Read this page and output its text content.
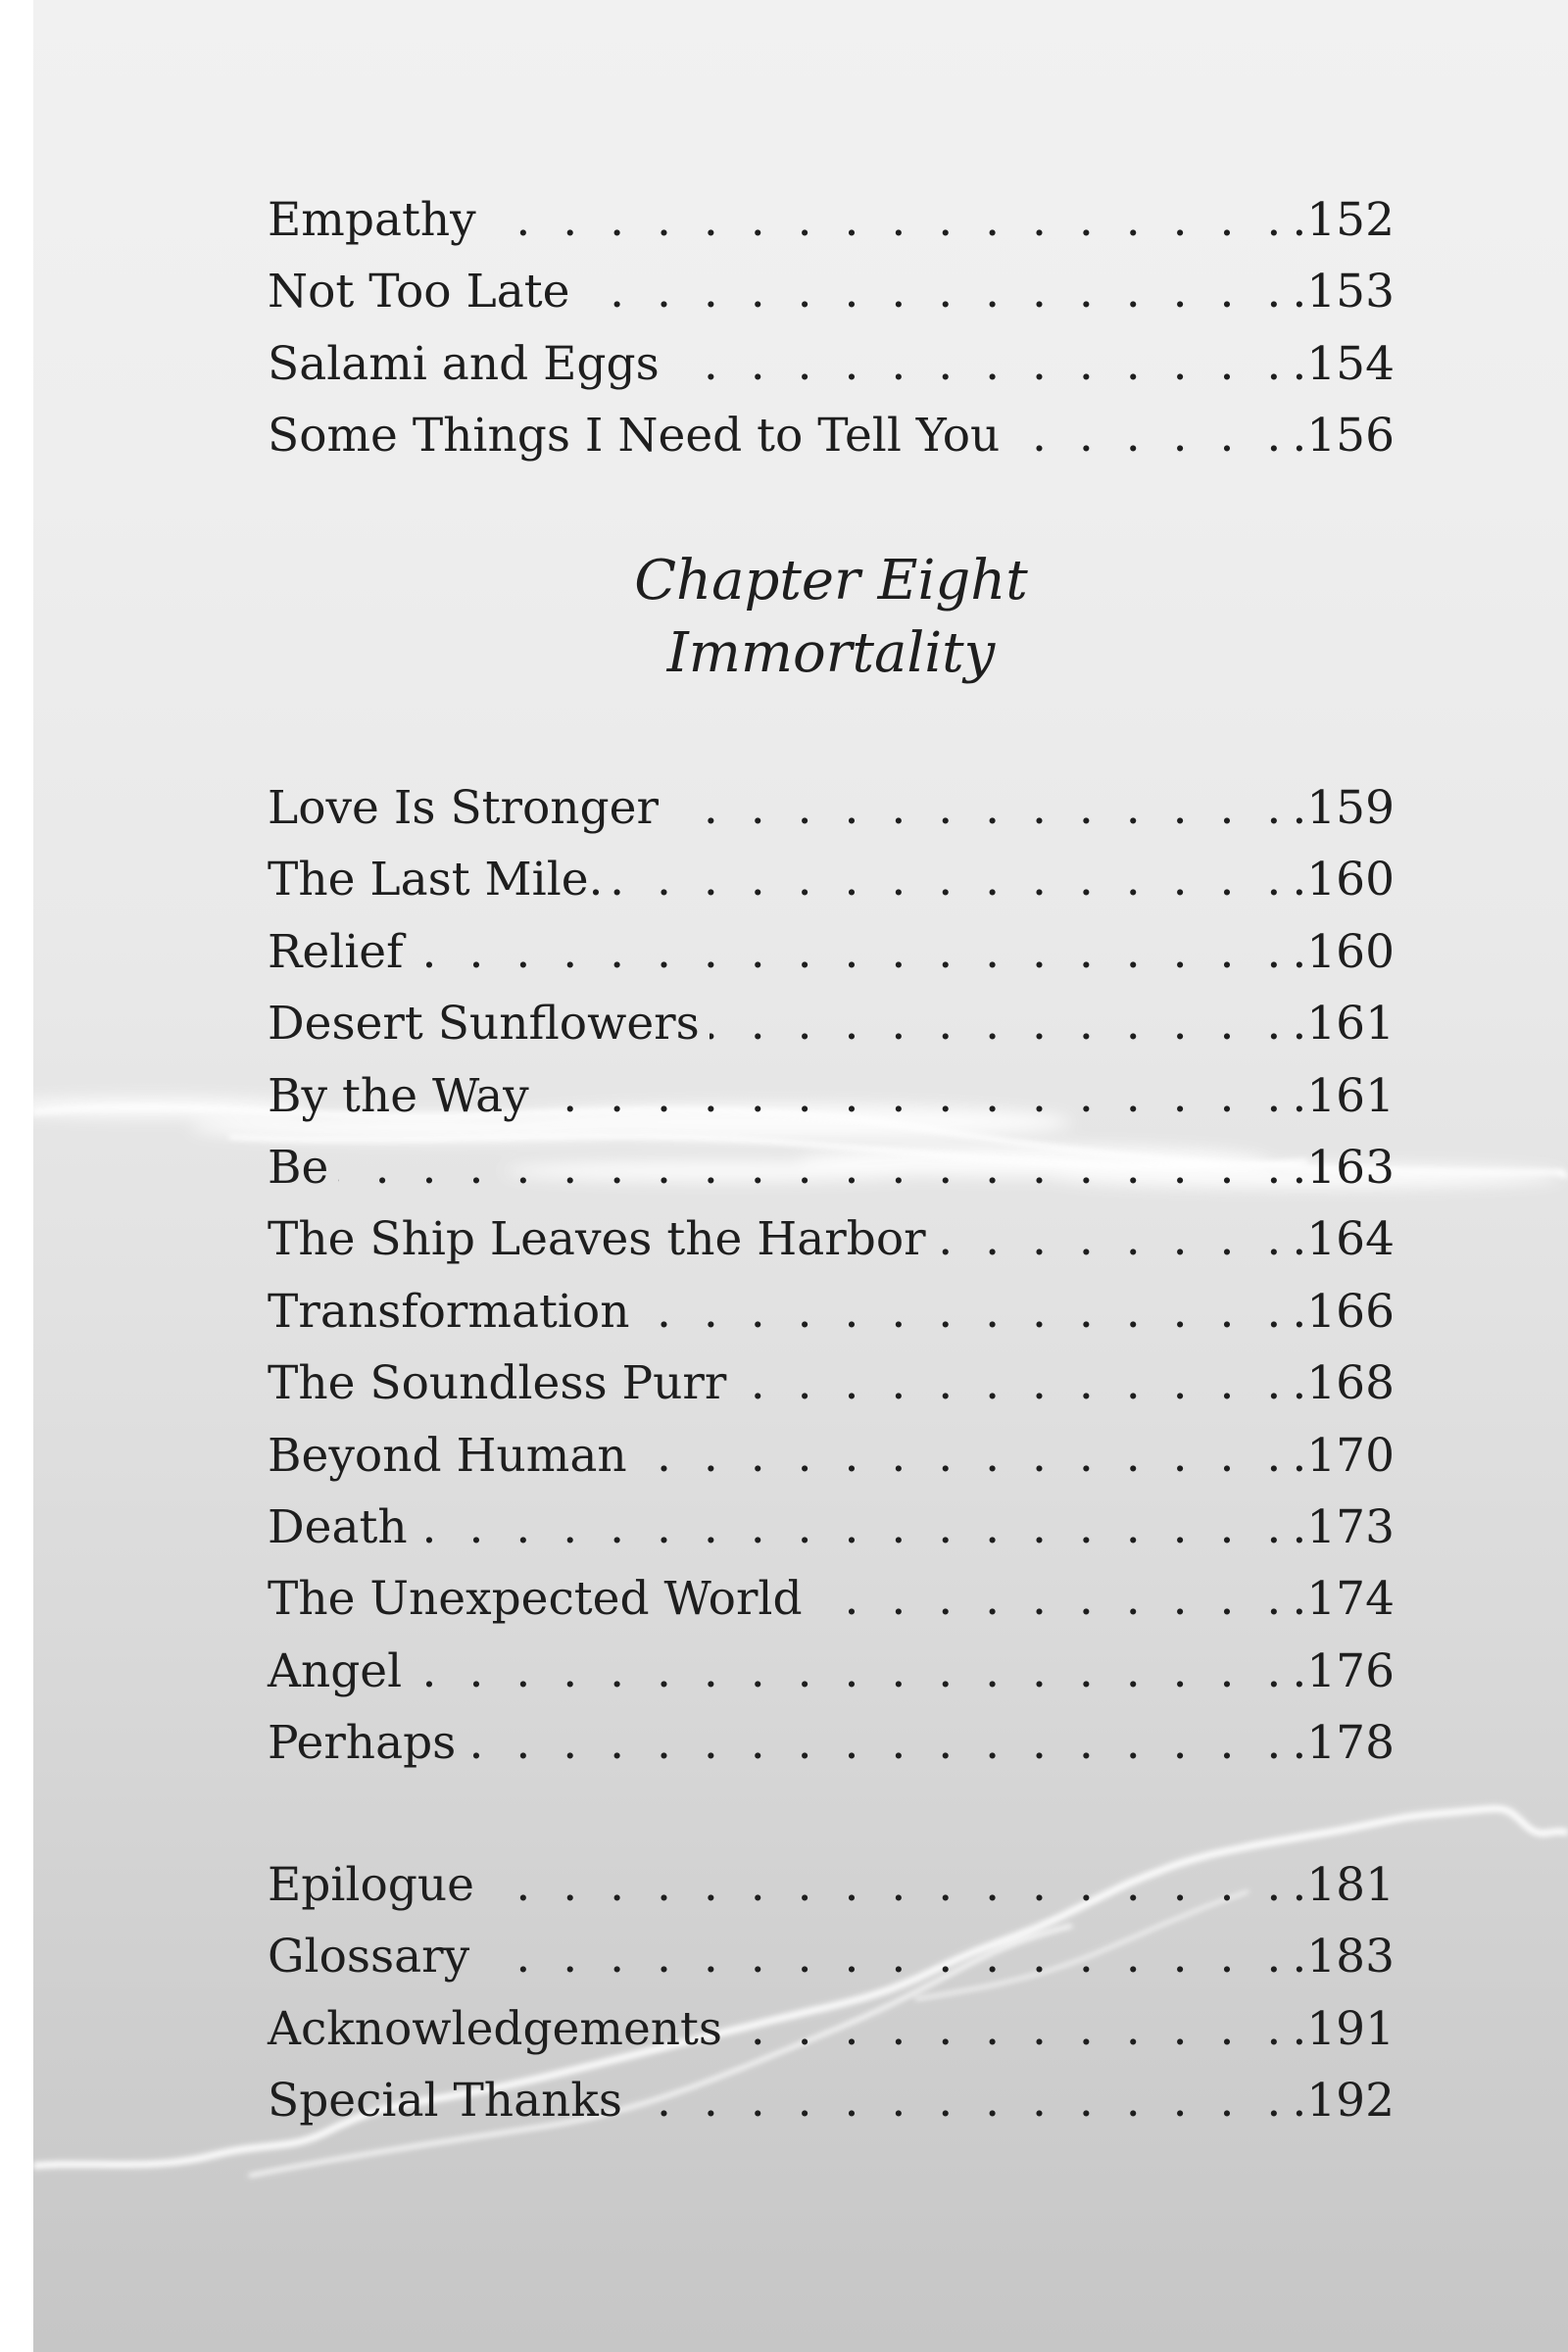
Empathy . . .	.152
Not Too Late . . .	.153
Salami and Eggs . . .	.154
Some Things I Need to Tell You . . .	.156
Love Is Stronger . . .	.159
The Last Mile. . . .	.160
Relief . . .	.160
Desert Sunflowers . . .	.161
By the Way . . .	.161
Be . . .	.163
The Ship Leaves the Harbor . . .	.164
Transformation . . .	.166
The Soundless Purr . . .	.168
Beyond Human . . .	.170
Death . . .	.173
The Unexpected World . . .	.174
Angel . . .	.176
Perhaps . . .	.178
Epilogue . . .	.181
Glossary . . .	.183
Acknowledgements . . .	.191
Special Thanks . . .	.192
Chapter Eight
Immortality
